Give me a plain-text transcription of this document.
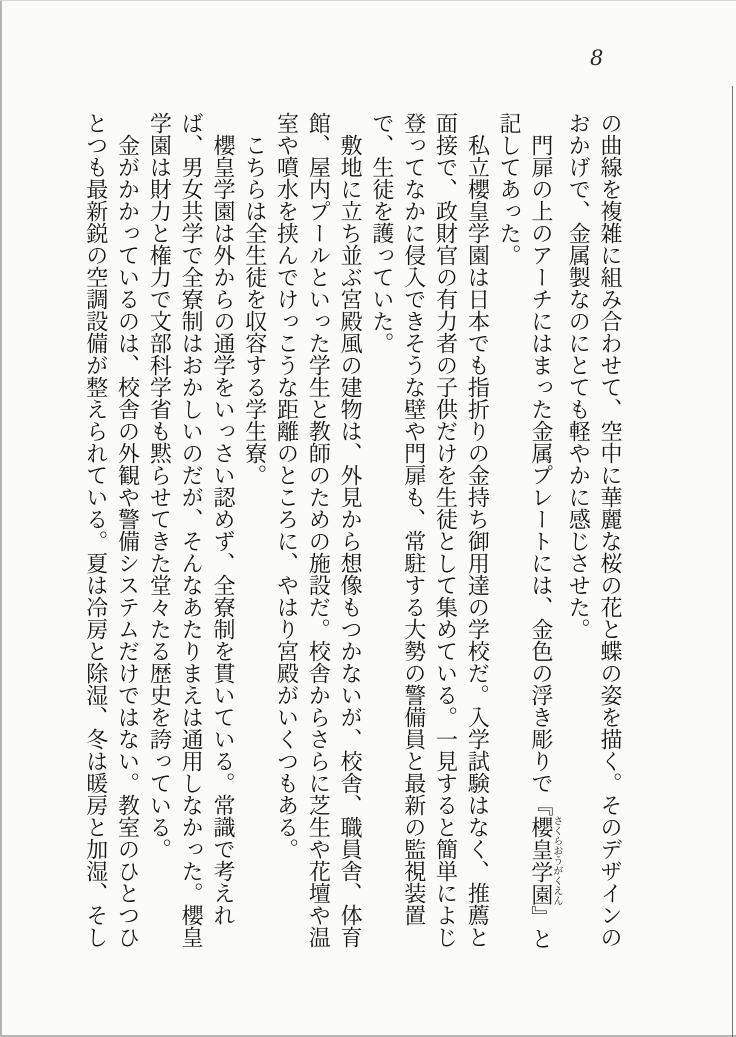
8

の曲線を複雑に組み合わせて、空中に華麗な桜の花と蝶の姿を描く。そのデザインのおかげで、金属製なのにとても軽やかに感じさせた。

門扉の上のアーチにはまった金属プレートには、金色の浮き彫りで『櫻皇学園さくらおうがくえん』と記してあった。

私立櫻皇学園は日本でも指折りの金持ち御用達の学校だ。入学試験はなく、推薦と面接で、政財官の有力者の子供だけを生徒として集めている。一見すると簡単によじ登ってなかに侵入できそうな壁や門扉も、常駐する大勢の警備員と最新の監視装置で、生徒を護っていた。

敷地に立ち並ぶ宮殿風の建物は、外見から想像もつかないが、校舎、職員舎、体育館、屋内プールといった学生と教師のための施設だ。校舎からさらに芝生や花壇や温室や噴水を挟んでけっこうな距離のところに、やはり宮殿がいくつもある。

こちらは全生徒を収容する学生寮。

櫻皇学園は外からの通学をいっさい認めず、全寮制を貫いている。常識で考えれば、男女共学で全寮制はおかしいのだが、そんなあたりまえは通用しなかった。櫻皇学園は財力と権力で文部科学省も黙らせてきた堂々たる歴史を誇っている。

金がかかっているのは、校舎の外観や警備システムだけではない。教室のひとつひとつも最新鋭の空調設備が整えられている。夏は冷房と除湿、冬は暖房と加湿、そし
